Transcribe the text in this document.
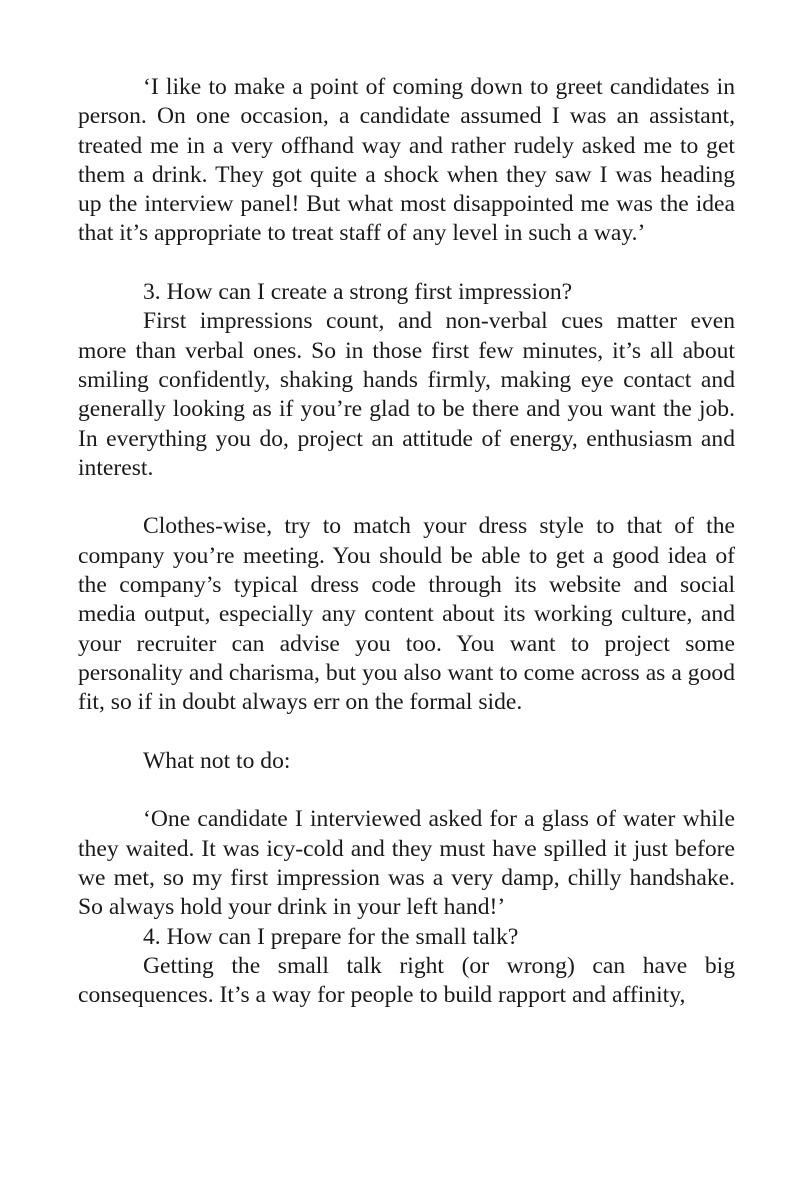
‘I like to make a point of coming down to greet candidates in person. On one occasion, a candidate assumed I was an assistant, treated me in a very offhand way and rather rudely asked me to get them a drink. They got quite a shock when they saw I was heading up the interview panel! But what most disappointed me was the idea that it’s appropriate to treat staff of any level in such a way.’

3. How can I create a strong first impression?

First impressions count, and non-verbal cues matter even more than verbal ones. So in those first few minutes, it’s all about smiling confidently, shaking hands firmly, making eye contact and generally looking as if you’re glad to be there and you want the job. In everything you do, project an attitude of energy, enthusiasm and interest.

Clothes-wise, try to match your dress style to that of the company you’re meeting. You should be able to get a good idea of the company’s typical dress code through its website and social media output, especially any content about its working culture, and your recruiter can advise you too. You want to project some personality and charisma, but you also want to come across as a good fit, so if in doubt always err on the formal side.

What not to do:

‘One candidate I interviewed asked for a glass of water while they waited. It was icy-cold and they must have spilled it just before we met, so my first impression was a very damp, chilly handshake. So always hold your drink in your left hand!’

4. How can I prepare for the small talk?

Getting the small talk right (or wrong) can have big consequences. It’s a way for people to build rapport and affinity,
